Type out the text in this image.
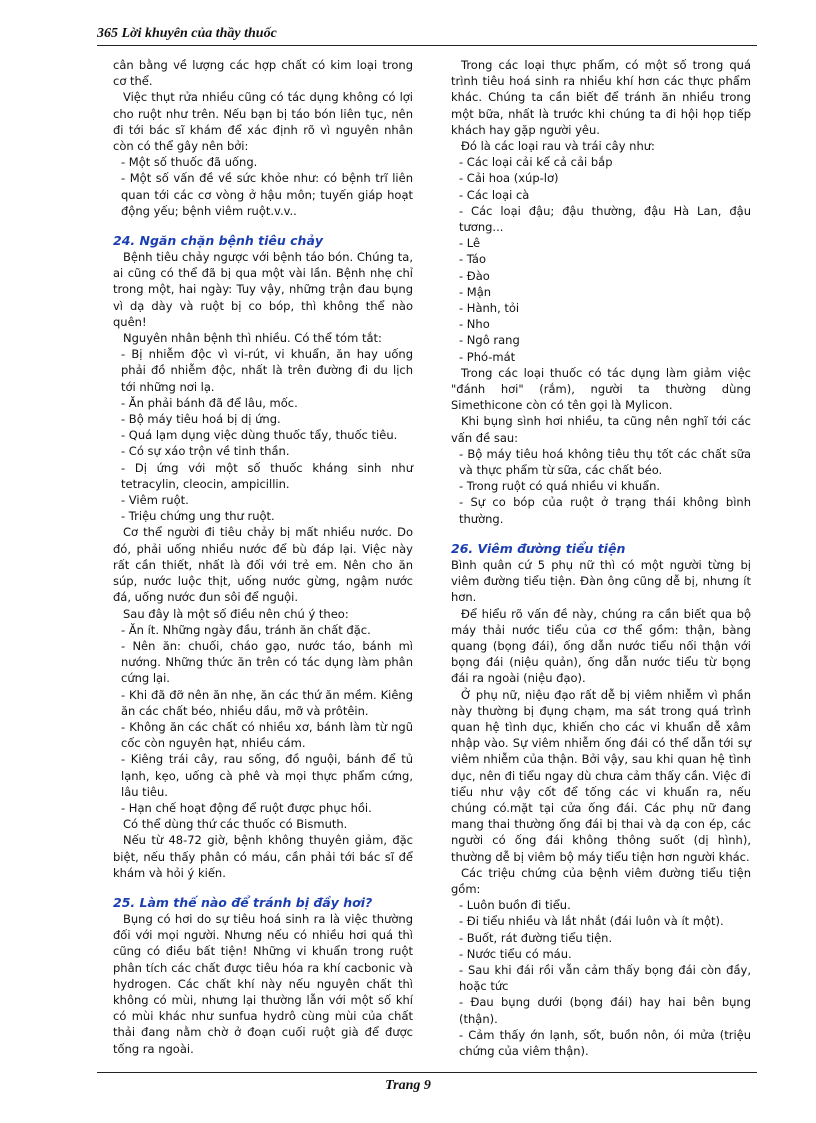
365 Lời khuyên của thầy thuốc

cân bằng về lượng các hợp chất có kim loại trong cơ thể.

Việc thụt rửa nhiều cũng có tác dụng không có lợi cho ruột như trên. Nếu bạn bị táo bón liên tục, nên đi tới bác sĩ khám để xác định rõ vì nguyên nhân còn có thể gây nên bởi:

- Một số thuốc đã uống.

- Một số vấn đề về sức khỏe như: có bệnh trĩ liên quan tới các cơ vòng ở hậu môn; tuyến giáp hoạt động yếu; bệnh viêm ruột.v.v..

24. Ngăn chặn bệnh tiêu chảy

Bệnh tiêu chảy ngược với bệnh táo bón. Chúng ta, ai cũng có thể đã bị qua một vài lần. Bệnh nhẹ chỉ trong một, hai ngày: Tuy vậy, những trận đau bụng vì dạ dày và ruột bị co bóp, thì không thể nào quên!

Nguyên nhân bệnh thì nhiều. Có thể tóm tắt:

- Bị nhiễm độc vì vi-rút, vi khuẩn, ăn hay uống phải đồ nhiễm độc, nhất là trên đường đi du lịch tới những nơi lạ.

- Ăn phải bánh đã để lâu, mốc.

- Bộ máy tiêu hoá bị dị ứng.

- Quá lạm dụng việc dùng thuốc tẩy, thuốc tiêu.

- Có sự xáo trộn về tinh thần.

- Dị ứng với một số thuốc kháng sinh như tetracylin, cleocin, ampicillin.

- Viêm ruột.

- Triệu chứng ung thư ruột.

Cơ thể người đi tiêu chảy bị mất nhiều nước. Do đó, phải uống nhiều nước để bù đáp lại. Việc này rất cần thiết, nhất là đối với trẻ em. Nên cho ăn súp, nước luộc thịt, uống nước gừng, ngậm nước đá, uống nước đun sôi để nguội.

Sau đây là một số điều nên chú ý theo:

- Ăn ít. Những ngày đầu, tránh ăn chất đặc.

- Nên ăn: chuối, cháo gạo, nước táo, bánh mì nướng. Những thức ăn trên có tác dụng làm phân cứng lại.

- Khi đã đỡ nên ăn nhẹ, ăn các thứ ăn mềm. Kiêng ăn các chất béo, nhiều dầu, mỡ và prôtêin.

- Không ăn các chất có nhiều xơ, bánh làm từ ngũ cốc còn nguyên hạt, nhiều cám.

- Kiêng trái cây, rau sống, đồ nguội, bánh để tủ lạnh, kẹo, uống cà phê và mọi thực phẩm cứng, lâu tiêu.

- Hạn chế hoạt động để ruột được phục hồi.

Có thể dùng thứ các thuốc có Bismuth.

Nếu từ 48-72 giờ, bệnh không thuyên giảm, đặc biệt, nếu thấy phân có máu, cần phải tới bác sĩ để khám và hỏi ý kiến.

25. Làm thế nào để tránh bị đầy hơi?

Bụng có hơi do sự tiêu hoá sinh ra là việc thường đối với mọi người. Nhưng nếu có nhiều hơi quá thì cũng có điều bất tiện! Những vi khuẩn trong ruột phân tích các chất được tiêu hóa ra khí cacbonic và hydrogen. Các chất khí này nếu nguyên chất thì không có mùi, nhưng lại thường lẫn với một số khí có mùi khác như sunfua hydrô cùng mùi của chất thải đang nằm chờ ở đoạn cuối ruột già để được tống ra ngoài.

Trong các loại thực phẩm, có một số trong quá trình tiêu hoá sinh ra nhiều khí hơn các thực phẩm khác. Chúng ta cần biết để tránh ăn nhiều trong một bữa, nhất là trước khi chúng ta đi hội họp tiếp khách hay gặp người yêu.

Đó là các loại rau và trái cây như:

- Các loại cải kể cả cải bắp

- Cải hoa (xúp-lơ)

- Các loại cà

- Các loại đậu; đậu thường, đậu Hà Lan, đậu tương...

- Lê

- Táo

- Đào

- Mận

- Hành, tỏi

- Nho

- Ngô rang

- Phó-mát

Trong các loại thuốc có tác dụng làm giảm việc "đánh hơi" (rắm), người ta thường dùng Simethicone còn có tên gọi là Mylicon.

Khi bụng sình hơi nhiều, ta cũng nên nghĩ tới các vấn đề sau:

- Bộ máy tiêu hoá không tiêu thụ tốt các chất sữa và thực phẩm từ sữa, các chất béo.

- Trong ruột có quá nhiều vi khuẩn.

- Sự co bóp của ruột ở trạng thái không bình thường.

26. Viêm đường tiểu tiện

Bình quân cứ 5 phụ nữ thì có một người từng bị viêm đường tiểu tiện. Đàn ông cũng dễ bị, nhưng ít hơn.

Để hiểu rõ vấn đề này, chúng ra cần biết qua bộ máy thải nước tiểu của cơ thể gồm: thận, bàng quang (bọng đái), ống dẫn nước tiểu nối thận với bọng đái (niệu quản), ống dẫn nước tiểu từ bọng đái ra ngoài (niệu đạo).

Ở phụ nữ, niệu đạo rất dễ bị viêm nhiễm vì phần này thường bị đụng chạm, ma sát trong quá trình quan hệ tình dục, khiến cho các vi khuẩn dễ xâm nhập vào. Sự viêm nhiễm ống đái có thể dẫn tới sự viêm nhiễm của thận. Bởi vậy, sau khi quan hệ tình dục, nên đi tiểu ngay dù chưa cảm thấy cần. Việc đi tiểu như vậy cốt để tống các vi khuẩn ra, nếu chúng có.mặt tại cửa ống đái. Các phụ nữ đang mang thai thường ống đái bị thai và dạ con ép, các người có ống đái không thông suốt (dị hình), thường dễ bị viêm bộ máy tiểu tiện hơn người khác.

Các triệu chứng của bệnh viêm đường tiểu tiện gồm:

- Luôn buồn đi tiểu.

- Đi tiểu nhiều và lắt nhắt (đái luôn và ít một).

- Buốt, rát đường tiểu tiện.

- Nước tiểu có máu.

- Sau khi đái rồi vẫn cảm thấy bọng đái còn đầy, hoặc tức

- Đau bụng dưới (bọng đái) hay hai bên bụng (thận).

- Cảm thấy ớn lạnh, sốt, buồn nôn, ói mửa (triệu chứng của viêm thận).

Trang 9
